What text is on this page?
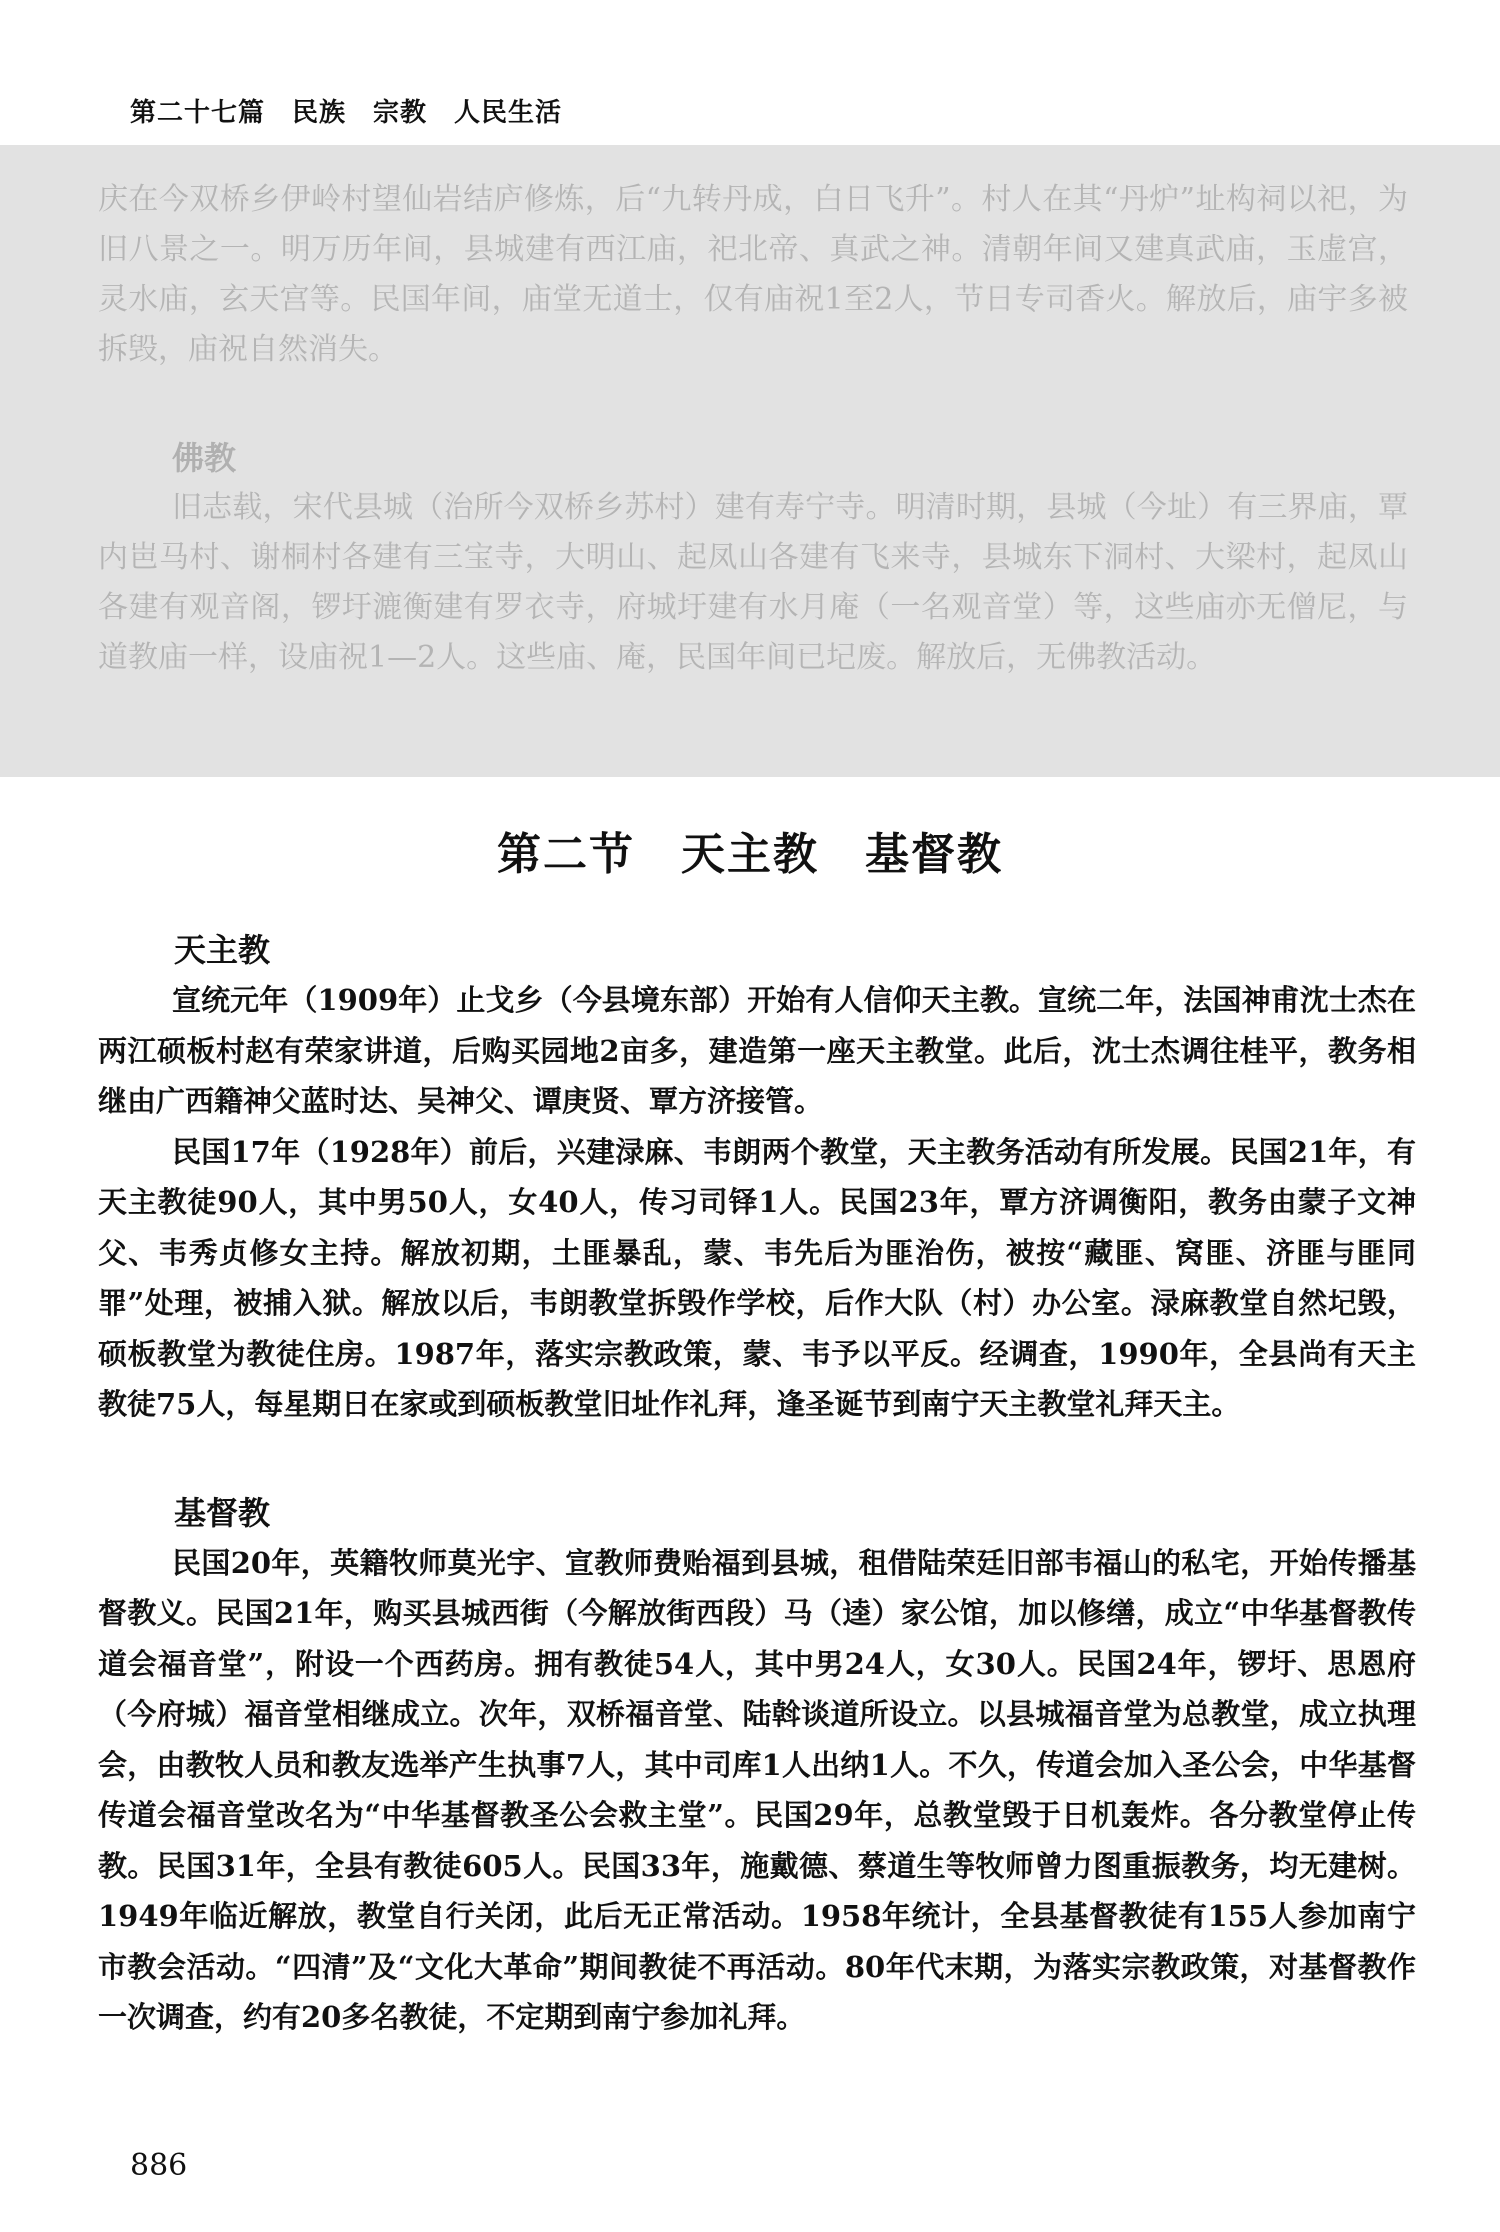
第二十七篇　民族　宗教　人民生活

庆在今双桥乡伊岭村望仙岩结庐修炼，后“九转丹成，白日飞升”。村人在其“丹炉”址构祠以祀，为旧八景之一。明万历年间，县城建有西江庙，祀北帝、真武之神。清朝年间又建真武庙，玉虚宫，灵水庙，玄天宫等。民国年间，庙堂无道士，仅有庙祝1至2人，节日专司香火。解放后，庙宇多被拆毁，庙祝自然消失。

佛教

旧志载，宋代县城（治所今双桥乡苏村）建有寿宁寺。明清时期，县城（今址）有三界庙，覃内岜马村、谢桐村各建有三宝寺，大明山、起凤山各建有飞来寺，县城东下洞村、大梁村，起凤山各建有观音阁，锣圩漉衡建有罗衣寺，府城圩建有水月庵（一名观音堂）等，这些庙亦无僧尼，与道教庙一样，设庙祝1—2人。这些庙、庵，民国年间已圮废。解放后，无佛教活动。

第二节　天主教　基督教
天主教

宣统元年（1909年）止戈乡（今县境东部）开始有人信仰天主教。宣统二年，法国神甫沈士杰在两江硕板村赵有荣家讲道，后购买园地2亩多，建造第一座天主教堂。此后，沈士杰调往桂平，教务相继由广西籍神父蓝时达、吴神父、谭庚贤、覃方济接管。

民国17年（1928年）前后，兴建渌麻、韦朗两个教堂，天主教务活动有所发展。民国21年，有天主教徒90人，其中男50人，女40人，传习司铎1人。民国23年，覃方济调衡阳，教务由蒙子文神父、韦秀贞修女主持。解放初期，土匪暴乱，蒙、韦先后为匪治伤，被按“藏匪、窝匪、济匪与匪同罪”处理，被捕入狱。解放以后，韦朗教堂拆毁作学校，后作大队（村）办公室。渌麻教堂自然圮毁，硕板教堂为教徒住房。1987年，落实宗教政策，蒙、韦予以平反。经调查，1990年，全县尚有天主教徒75人，每星期日在家或到硕板教堂旧址作礼拜，逢圣诞节到南宁天主教堂礼拜天主。

基督教

民国20年，英籍牧师莫光宇、宣教师费贻福到县城，租借陆荣廷旧部韦福山的私宅，开始传播基督教义。民国21年，购买县城西街（今解放街西段）马（逵）家公馆，加以修缮，成立“中华基督教传道会福音堂”，附设一个西药房。拥有教徒54人，其中男24人，女30人。民国24年，锣圩、思恩府（今府城）福音堂相继成立。次年，双桥福音堂、陆斡谈道所设立。以县城福音堂为总教堂，成立执理会，由教牧人员和教友选举产生执事7人，其中司库1人出纳1人。不久，传道会加入圣公会，中华基督传道会福音堂改名为“中华基督教圣公会救主堂”。民国29年，总教堂毁于日机轰炸。各分教堂停止传教。民国31年，全县有教徒605人。民国33年，施戴德、蔡道生等牧师曾力图重振教务，均无建树。1949年临近解放，教堂自行关闭，此后无正常活动。1958年统计，全县基督教徒有155人参加南宁市教会活动。“四清”及“文化大革命”期间教徒不再活动。80年代末期，为落实宗教政策，对基督教作一次调查，约有20多名教徒，不定期到南宁参加礼拜。

886
